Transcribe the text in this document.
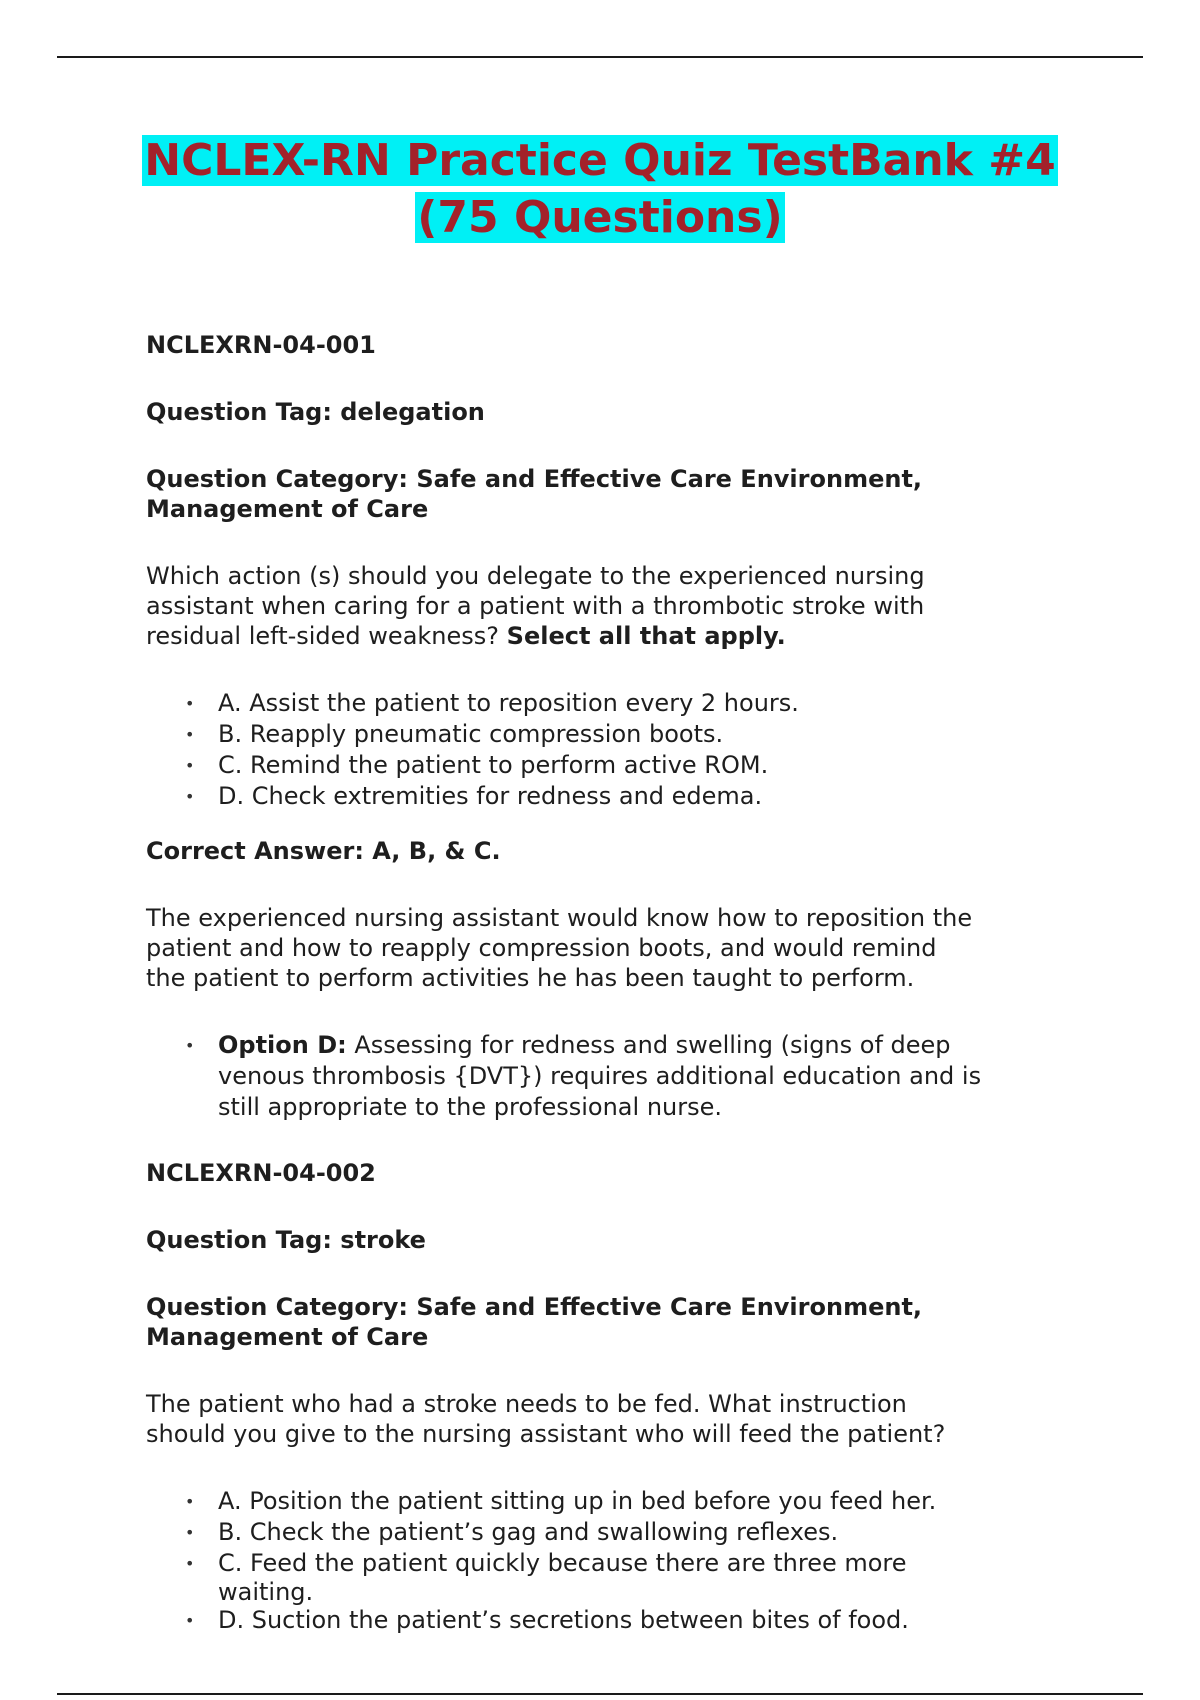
NCLEX-RN Practice Quiz TestBank #4
(75 Questions)
NCLEXRN-04-001
Question Tag: delegation
Question Category: Safe and Effective Care Environment,
Management of Care
Which action (s) should you delegate to the experienced nursing
assistant when caring for a patient with a thrombotic stroke with
residual left-sided weakness? Select all that apply.
• A. Assist the patient to reposition every 2 hours.
• B. Reapply pneumatic compression boots.
• C. Remind the patient to perform active ROM.
• D. Check extremities for redness and edema.
Correct Answer: A, B, & C.
The experienced nursing assistant would know how to reposition the
patient and how to reapply compression boots, and would remind
the patient to perform activities he has been taught to perform.
• Option D: Assessing for redness and swelling (signs of deep
venous thrombosis {DVT}) requires additional education and is
still appropriate to the professional nurse.
NCLEXRN-04-002
Question Tag: stroke
Question Category: Safe and Effective Care Environment,
Management of Care
The patient who had a stroke needs to be fed. What instruction
should you give to the nursing assistant who will feed the patient?
• A. Position the patient sitting up in bed before you feed her.
• B. Check the patient’s gag and swallowing reflexes.
• C. Feed the patient quickly because there are three more
waiting.
• D. Suction the patient’s secretions between bites of food.
